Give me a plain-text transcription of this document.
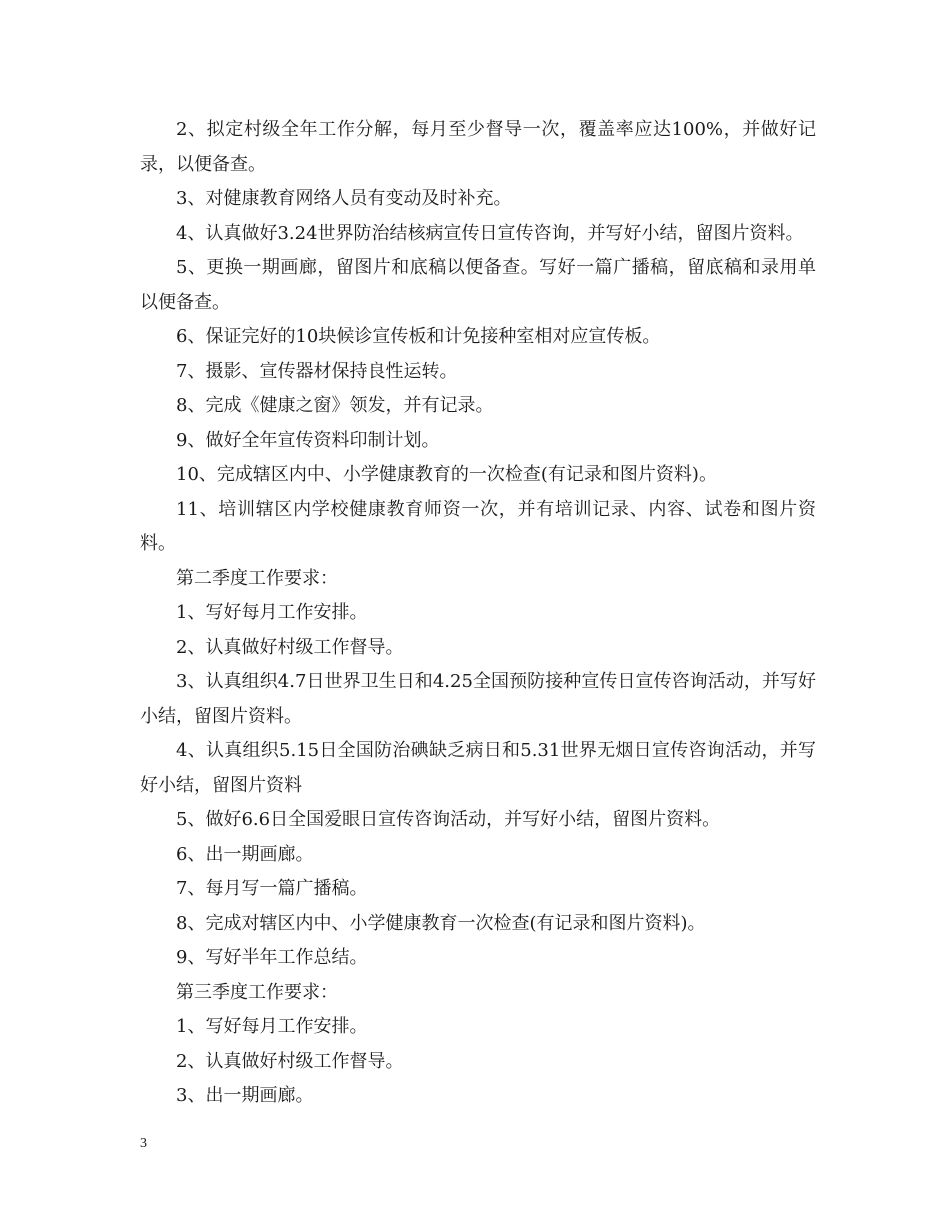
2、拟定村级全年工作分解，每月至少督导一次，覆盖率应达100%，并做好记录，以便备查。

3、对健康教育网络人员有变动及时补充。

4、认真做好3.24世界防治结核病宣传日宣传咨询，并写好小结，留图片资料。

5、更换一期画廊，留图片和底稿以便备查。写好一篇广播稿，留底稿和录用单以便备查。

6、保证完好的10块候诊宣传板和计免接种室相对应宣传板。

7、摄影、宣传器材保持良性运转。

8、完成《健康之窗》领发，并有记录。

9、做好全年宣传资料印制计划。

10、完成辖区内中、小学健康教育的一次检查(有记录和图片资料)。

11、培训辖区内学校健康教育师资一次，并有培训记录、内容、试卷和图片资料。

第二季度工作要求：

1、写好每月工作安排。

2、认真做好村级工作督导。

3、认真组织4.7日世界卫生日和4.25全国预防接种宣传日宣传咨询活动，并写好小结，留图片资料。

4、认真组织5.15日全国防治碘缺乏病日和5.31世界无烟日宣传咨询活动，并写好小结，留图片资料

5、做好6.6日全国爱眼日宣传咨询活动，并写好小结，留图片资料。

6、出一期画廊。

7、每月写一篇广播稿。

8、完成对辖区内中、小学健康教育一次检查(有记录和图片资料)。

9、写好半年工作总结。

第三季度工作要求：

1、写好每月工作安排。

2、认真做好村级工作督导。

3、出一期画廊。

3
